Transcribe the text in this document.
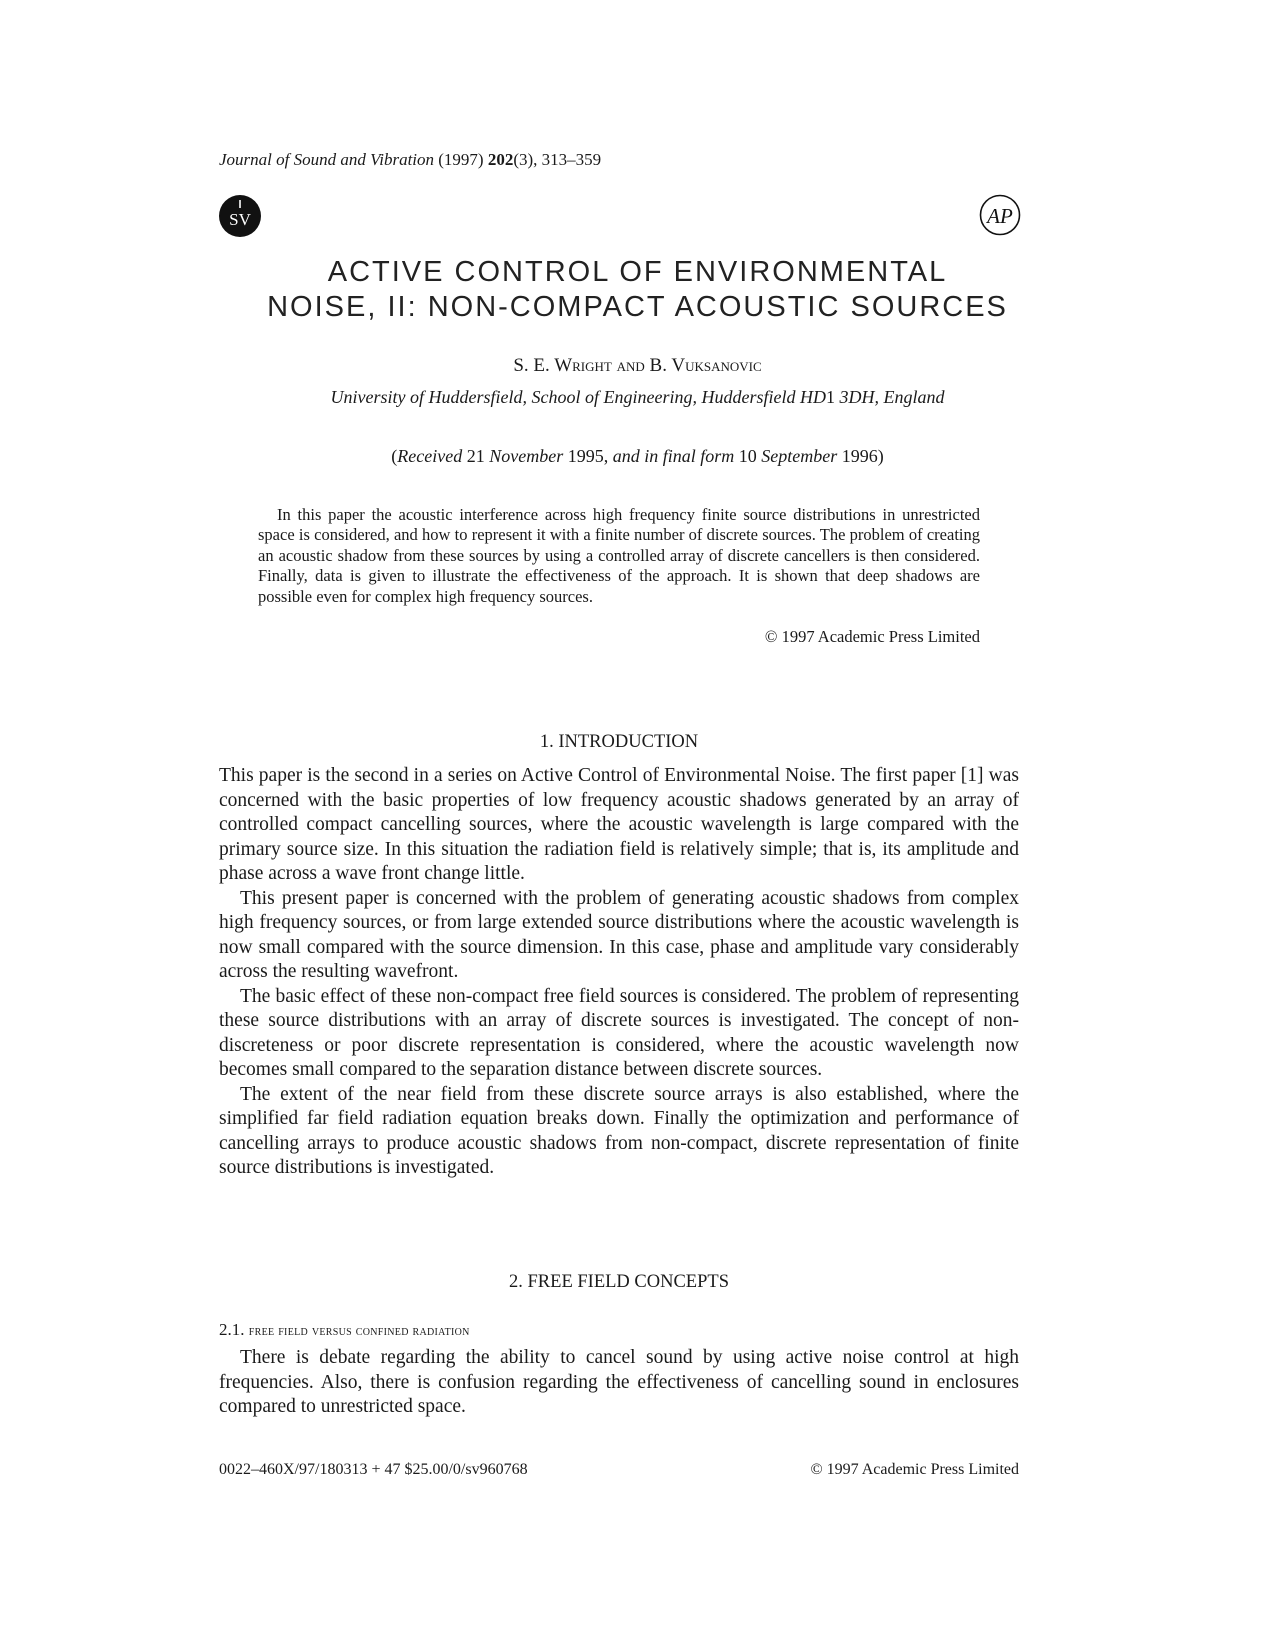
Journal of Sound and Vibration (1997) 202(3), 313–359
SV	AP
ACTIVE CONTROL OF ENVIRONMENTAL
NOISE, II: NON-COMPACT ACOUSTIC SOURCES
S. E. Wright and B. Vuksanovic
University of Huddersfield, School of Engineering, Huddersfield HD1 3DH, England
(Received 21 November 1995, and in final form 10 September 1996)

In this paper the acoustic interference across high frequency finite source distributions in unrestricted space is considered, and how to represent it with a finite number of discrete sources. The problem of creating an acoustic shadow from these sources by using a controlled array of discrete cancellers is then considered. Finally, data is given to illustrate the effectiveness of the approach. It is shown that deep shadows are possible even for complex high frequency sources.

© 1997 Academic Press Limited
1. INTRODUCTION

This paper is the second in a series on Active Control of Environmental Noise. The first paper [1] was concerned with the basic properties of low frequency acoustic shadows generated by an array of controlled compact cancelling sources, where the acoustic wavelength is large compared with the primary source size. In this situation the radiation field is relatively simple; that is, its amplitude and phase across a wave front change little.

This present paper is concerned with the problem of generating acoustic shadows from complex high frequency sources, or from large extended source distributions where the acoustic wavelength is now small compared with the source dimension. In this case, phase and amplitude vary considerably across the resulting wavefront.

The basic effect of these non-compact free field sources is considered. The problem of representing these source distributions with an array of discrete sources is investigated. The concept of non-discreteness or poor discrete representation is considered, where the acoustic wavelength now becomes small compared to the separation distance between discrete sources.

The extent of the near field from these discrete source arrays is also established, where the simplified far field radiation equation breaks down. Finally the optimization and performance of cancelling arrays to produce acoustic shadows from non-compact, discrete representation of finite source distributions is investigated.

2. FREE FIELD CONCEPTS
2.1. free field versus confined radiation

There is debate regarding the ability to cancel sound by using active noise control at high frequencies. Also, there is confusion regarding the effectiveness of cancelling sound in enclosures compared to unrestricted space.

0022–460X/97/180313 + 47 $25.00/0/sv960768	© 1997 Academic Press Limited
